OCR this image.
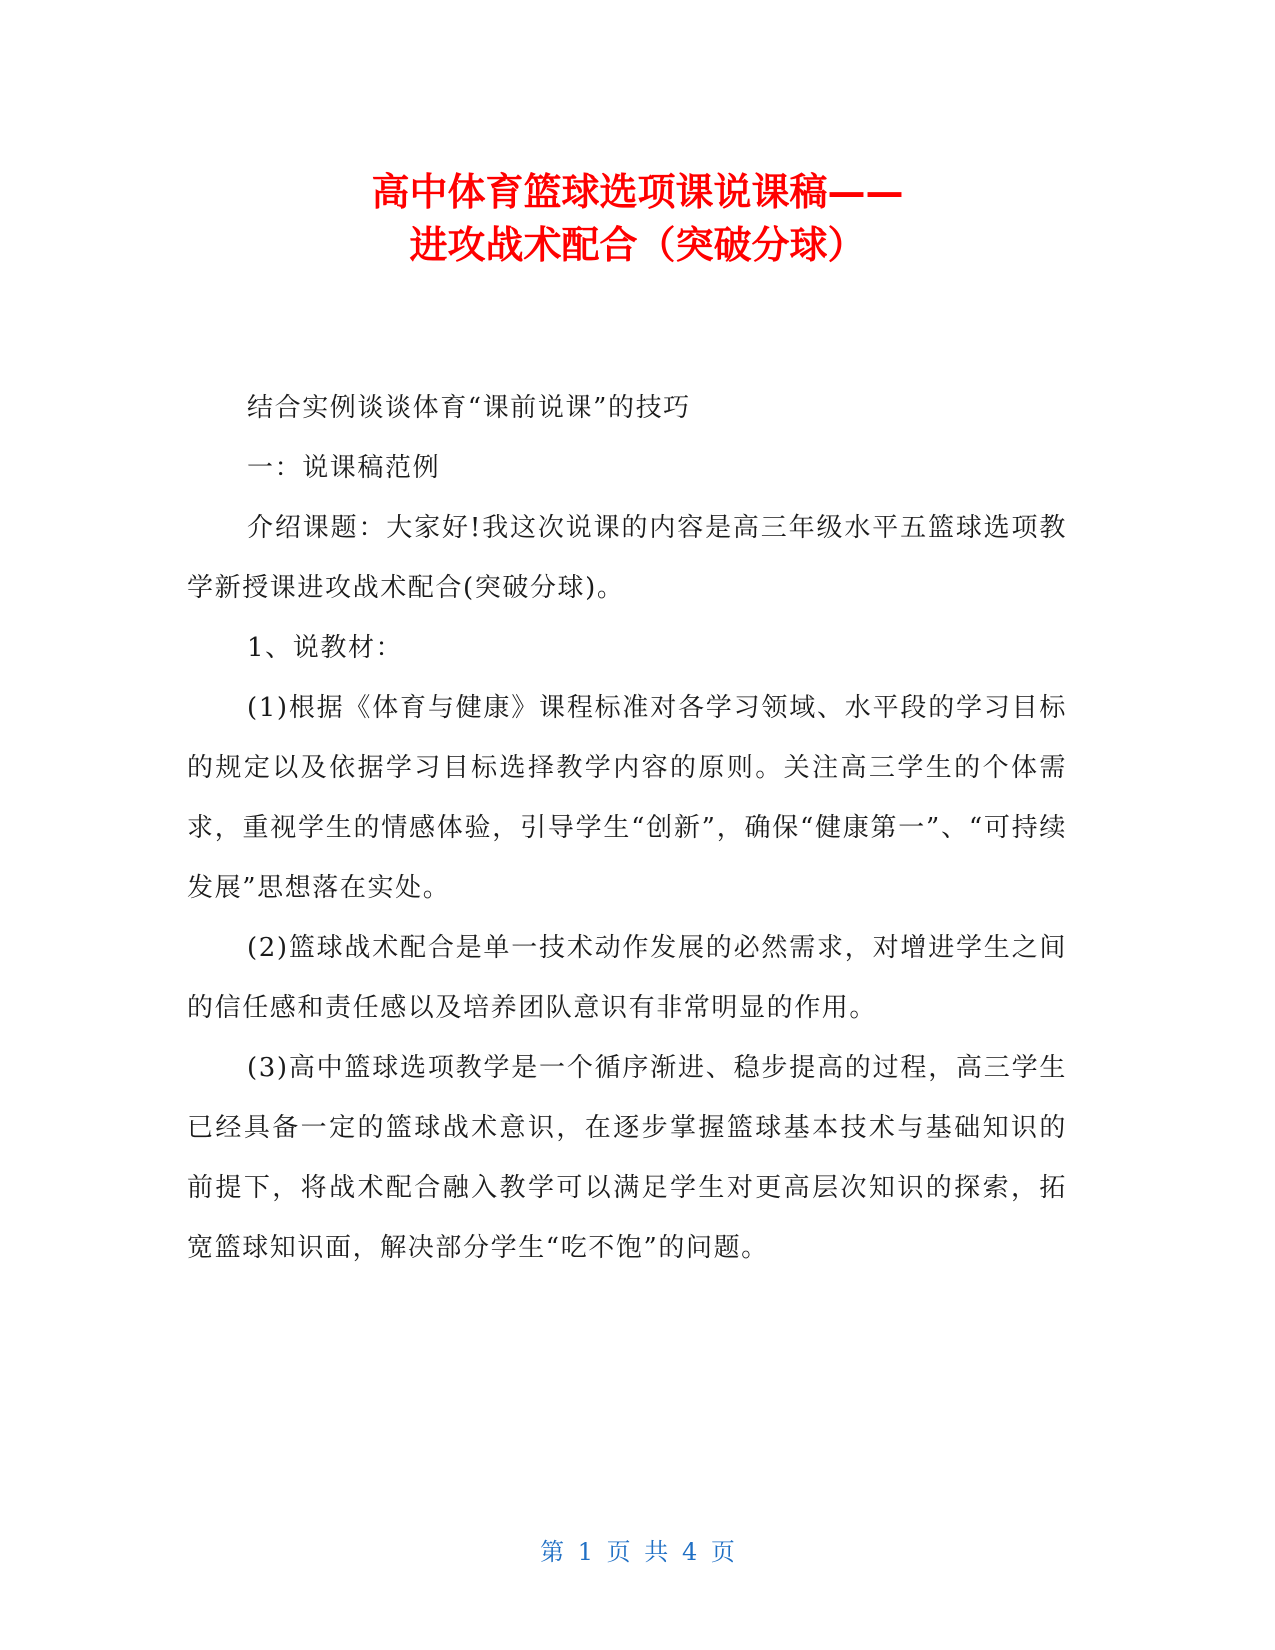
高中体育篮球选项课说课稿——
进攻战术配合（突破分球）

结合实例谈谈体育“课前说课”的技巧

一：说课稿范例

介绍课题：大家好!我这次说课的内容是高三年级水平五篮球选项教学新授课进攻战术配合(突破分球)。

1、说教材：

(1)根据《体育与健康》课程标准对各学习领域、水平段的学习目标的规定以及依据学习目标选择教学内容的原则。关注高三学生的个体需求，重视学生的情感体验，引导学生“创新”，确保“健康第一”、“可持续发展”思想落在实处。

(2)篮球战术配合是单一技术动作发展的必然需求，对增进学生之间的信任感和责任感以及培养团队意识有非常明显的作用。

(3)高中篮球选项教学是一个循序渐进、稳步提高的过程，高三学生已经具备一定的篮球战术意识，在逐步掌握篮球基本技术与基础知识的前提下，将战术配合融入教学可以满足学生对更高层次知识的探索，拓宽篮球知识面，解决部分学生“吃不饱”的问题。

第 1 页 共 4 页
